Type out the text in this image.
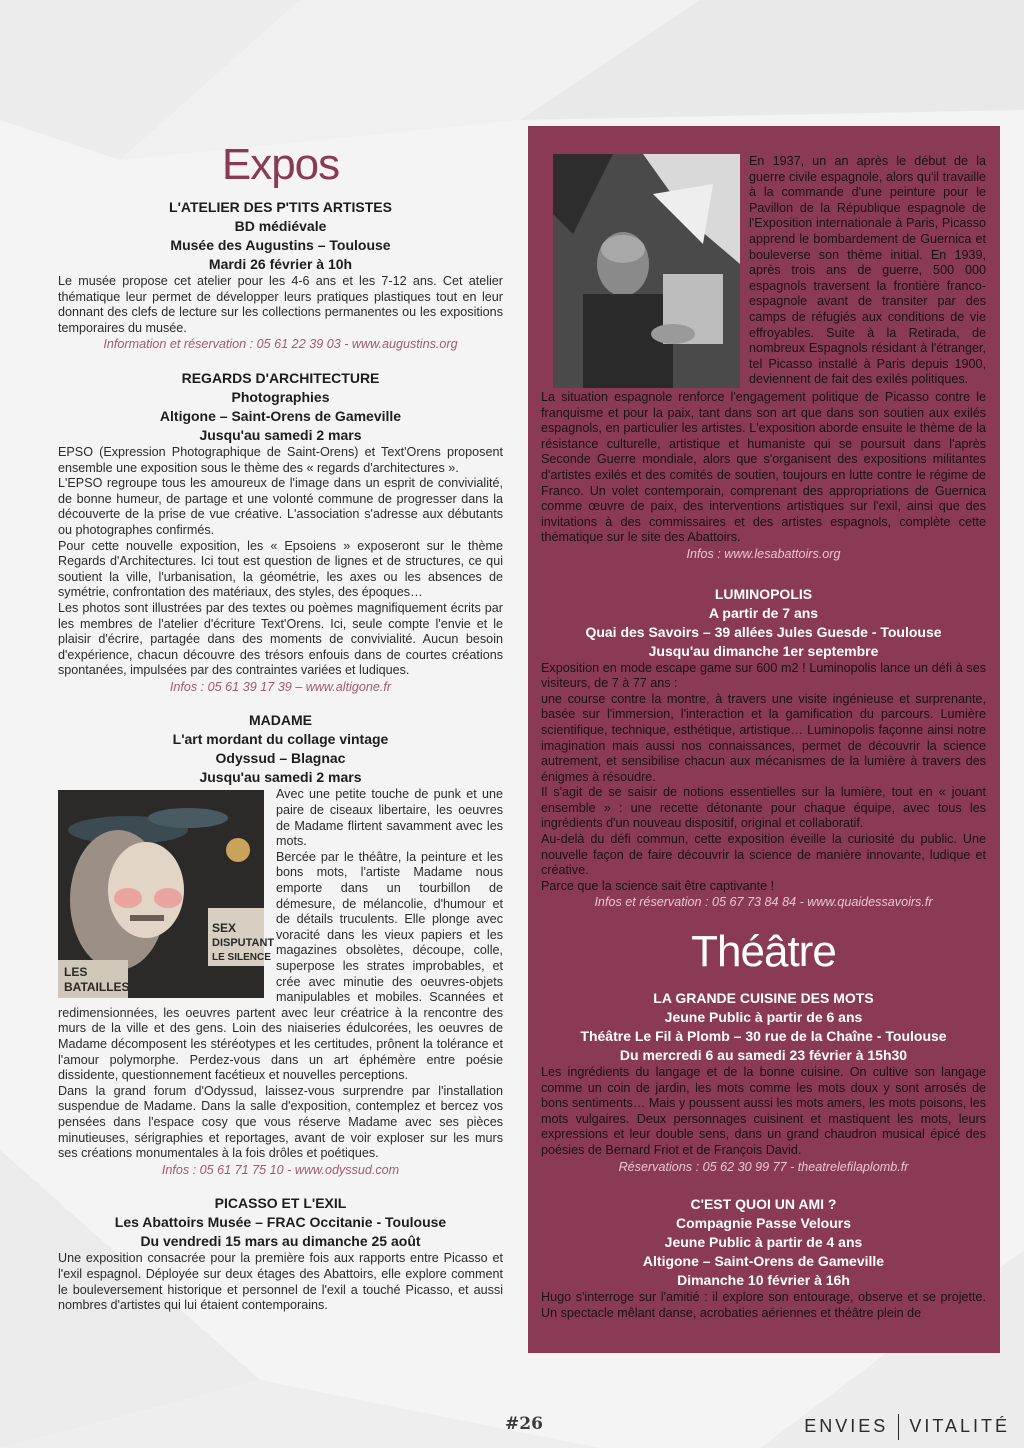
Expos
L'ATELIER DES P'TITS ARTISTES
BD médiévale
Musée des Augustins – Toulouse
Mardi 26 février à 10h

Le musée propose cet atelier pour les 4-6 ans et les 7-12 ans. Cet atelier thématique leur permet de développer leurs pratiques plastiques tout en leur donnant des clefs de lecture sur les collections permanentes ou les expositions temporaires du musée.

Information et réservation : 05 61 22 39 03 - www.augustins.org
REGARDS D'ARCHITECTURE
Photographies
Altigone – Saint-Orens de Gameville
Jusqu'au samedi 2 mars

EPSO (Expression Photographique de Saint-Orens) et Text'Orens proposent ensemble une exposition sous le thème des « regards d'architectures ».

L'EPSO regroupe tous les amoureux de l'image dans un esprit de convivialité, de bonne humeur, de partage et une volonté commune de progresser dans la découverte de la prise de vue créative. L'association s'adresse aux débutants ou photographes confirmés.

Pour cette nouvelle exposition, les « Epsoiens » exposeront sur le thème Regards d'Architectures. Ici tout est question de lignes et de structures, ce qui soutient la ville, l'urbanisation, la géométrie, les axes ou les absences de symétrie, confrontation des matériaux, des styles, des époques…

Les photos sont illustrées par des textes ou poèmes magnifiquement écrits par les membres de l'atelier d'écriture Text'Orens. Ici, seule compte l'envie et le plaisir d'écrire, partagée dans des moments de convivialité. Aucun besoin d'expérience, chacun découvre des trésors enfouis dans de courtes créations spontanées, impulsées par des contraintes variées et ludiques.

Infos : 05 61 39 17 39 – www.altigone.fr
MADAME
L'art mordant du collage vintage
Odyssud – Blagnac
Jusqu'au samedi 2 mars
SEX
DISPUTANT
LE SILENCE
LES
BATAILLES

Avec une petite touche de punk et une paire de ciseaux libertaire, les oeuvres de Madame flirtent savamment avec les mots.

Bercée par le théâtre, la peinture et les bons mots, l'artiste Madame nous emporte dans un tourbillon de démesure, de mélancolie, d'humour et de détails truculents. Elle plonge avec voracité dans les vieux papiers et les magazines obsolètes, découpe, colle, superpose les strates improbables, et crée avec minutie des oeuvres-objets manipulables et mobiles. Scannées et redimensionnées, les oeuvres partent avec leur créatrice à la rencontre des murs de la ville et des gens. Loin des niaiseries édulcorées, les oeuvres de Madame décomposent les stéréotypes et les certitudes, prônent la tolérance et l'amour polymorphe. Perdez-vous dans un art éphémère entre poésie dissidente, questionnement facétieux et nouvelles perceptions.

Dans la grand forum d'Odyssud, laissez-vous surprendre par l'installation suspendue de Madame. Dans la salle d'exposition, contemplez et bercez vos pensées dans l'espace cosy que vous réserve Madame avec ses pièces minutieuses, sérigraphies et reportages, avant de voir exploser sur les murs ses créations monumentales à la fois drôles et poétiques.

Infos : 05 61 71 75 10 - www.odyssud.com
PICASSO ET L'EXIL
Les Abattoirs Musée – FRAC Occitanie - Toulouse
Du vendredi 15 mars au dimanche 25 août

Une exposition consacrée pour la première fois aux rapports entre Picasso et l'exil espagnol. Déployée sur deux étages des Abattoirs, elle explore comment le bouleversement historique et personnel de l'exil a touché Picasso, et aussi nombres d'artistes qui lui étaient contemporains.

En 1937, un an après le début de la guerre civile espagnole, alors qu'il travaille à la commande d'une peinture pour le Pavillon de la République espagnole de l'Exposition internationale à Paris, Picasso apprend le bombardement de Guernica et bouleverse son thème initial. En 1939, après trois ans de guerre, 500 000 espagnols traversent la frontière franco-espagnole avant de transiter par des camps de réfugiés aux conditions de vie effroyables. Suite à la Retirada, de nombreux Espagnols résidant à l'étranger, tel Picasso installé à Paris depuis 1900, deviennent de fait des exilés politiques.

La situation espagnole renforce l'engagement politique de Picasso contre le franquisme et pour la paix, tant dans son art que dans son soutien aux exilés espagnols, en particulier les artistes. L'exposition aborde ensuite le thème de la résistance culturelle, artistique et humaniste qui se poursuit dans l'après Seconde Guerre mondiale, alors que s'organisent des expositions militantes d'artistes exilés et des comités de soutien, toujours en lutte contre le régime de Franco. Un volet contemporain, comprenant des appropriations de Guernica comme œuvre de paix, des interventions artistiques sur l'exil, ainsi que des invitations à des commissaires et des artistes espagnols, complète cette thématique sur le site des Abattoirs.

Infos : www.lesabattoirs.org
LUMINOPOLIS
A partir de 7 ans
Quai des Savoirs – 39 allées Jules Guesde - Toulouse
Jusqu'au dimanche 1er septembre

Exposition en mode escape game sur 600 m2 ! Luminopolis lance un défi à ses visiteurs, de 7 à 77 ans :

une course contre la montre, à travers une visite ingénieuse et surprenante, basée sur l'immersion, l'interaction et la gamification du parcours. Lumière scientifique, technique, esthétique, artistique… Luminopolis façonne ainsi notre imagination mais aussi nos connaissances, permet de découvrir la science autrement, et sensibilise chacun aux mécanismes de la lumière à travers des énigmes à résoudre.

Il s'agit de se saisir de notions essentielles sur la lumière, tout en « jouant ensemble » : une recette détonante pour chaque équipe, avec tous les ingrédients d'un nouveau dispositif, original et collaboratif.

Au-delà du défi commun, cette exposition éveille la curiosité du public. Une nouvelle façon de faire découvrir la science de manière innovante, ludique et créative.

Parce que la science sait être captivante !

Infos et réservation : 05 67 73 84 84 - www.quaidessavoirs.fr
Théâtre
LA GRANDE CUISINE DES MOTS
Jeune Public à partir de 6 ans
Théâtre Le Fil à Plomb – 30 rue de la Chaîne - Toulouse
Du mercredi 6 au samedi 23 février à 15h30

Les ingrédients du langage et de la bonne cuisine. On cultive son langage comme un coin de jardin, les mots comme les mots doux y sont arrosés de bons sentiments… Mais y poussent aussi les mots amers, les mots poisons, les mots vulgaires. Deux personnages cuisinent et mastiquent les mots, leurs expressions et leur double sens, dans un grand chaudron musical épicé des poésies de Bernard Friot et de François David.

Réservations : 05 62 30 99 77 - theatrelefilaplomb.fr
C'EST QUOI UN AMI ?
Compagnie Passe Velours
Jeune Public à partir de 4 ans
Altigone – Saint-Orens de Gameville
Dimanche 10 février à 16h

Hugo s'interroge sur l'amitié : il explore son entourage, observe et se projette. Un spectacle mêlant danse, acrobaties aériennes et théâtre plein de

#26	ENVIES VITALITÉ
